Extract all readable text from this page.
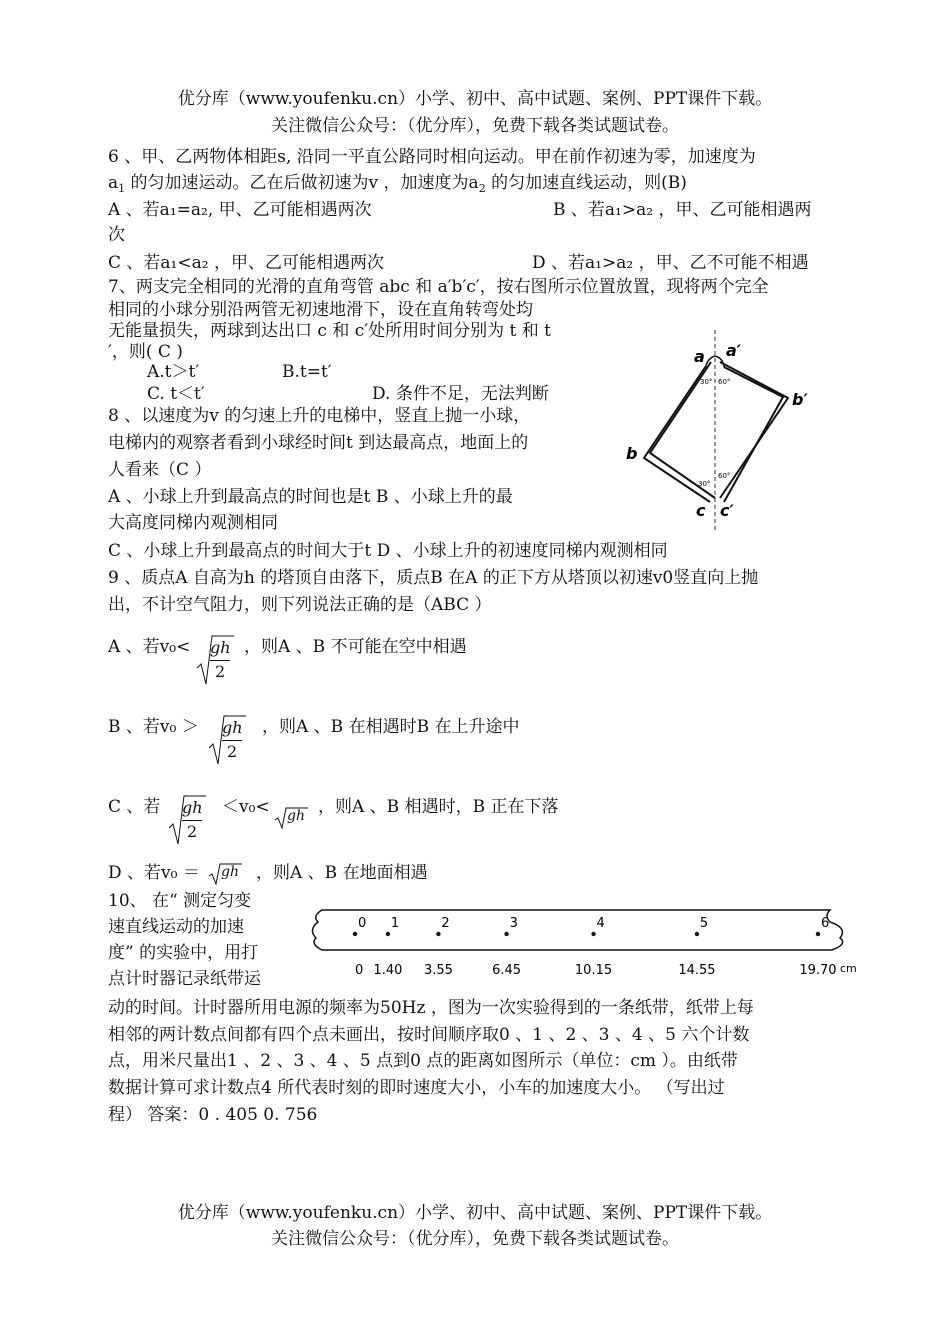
优分库（www.youfenku.cn）小学、初中、高中试题、案例、PPT课件下载。
关注微信公众号：（优分库），免费下载各类试题试卷。
6 、甲、乙两物体相距s, 沿同一平直公路同时相向运动。甲在前作初速为零，加速度为
$a_1$ 的匀加速运动。乙在后做初速为v ，加速度为$a_2$ 的匀加速直线运动，则(B)
A 、若a₁=a₂, 甲、乙可能相遇两次	B 、若a₁>a₂ ，甲、乙可能相遇两
次
C 、若a₁<a₂ ，甲、乙可能相遇两次	D 、若a₁>a₂ ，甲、乙不可能不相遇
7、两支完全相同的光滑的直角弯管 abc 和 a′b′c′，按右图所示位置放置，现将两个完全
相同的小球分别沿两管无初速地滑下，设在直角转弯处均
无能量损失，两球到达出口 c 和 c′处所用时间分别为 t 和 t
′，则( C )
A.t＞t′	B.t=t′
C. t＜t′	D. 条件不足，无法判断
a a′
b′
b
c c′
30° 60°
30°
60°
8 、以速度为v 的匀速上升的电梯中，竖直上抛一小球，
电梯内的观察者看到小球经时间t 到达最高点，地面上的
人看来（C ）
A 、小球上升到最高点的时间也是t B 、小球上升的最
大高度同梯内观测相同
C 、小球上升到最高点的时间大于t D 、小球上升的初速度同梯内观测相同
9 、质点A 自高为h 的塔顶自由落下，质点B 在A 的正下方从塔顶以初速v0竖直向上抛
出，不计空气阻力，则下列说法正确的是（ABC ）
A 、若v₀< gh
2
，则A 、B 不可能在空中相遇
B 、若v₀ ＞ gh
2
，则A 、B 在相遇时B 在上升途中
C 、若 gh
2
＜v₀< gh ，则A 、B 相遇时，B 正在下落
D 、若v₀ ＝ gh ，则A 、B 在地面相遇
10、 在“ 测定匀变
速直线运动的加速
度” 的实验中，用打
点计时器记录纸带运
0
0
1
1.40
2
3.55
3
6.45
4
10.15
5
14.55
6
19.70 cm
动的时间。计时器所用电源的频率为50Hz ，图为一次实验得到的一条纸带，纸带上每
相邻的两计数点间都有四个点未画出，按时间顺序取0 、1 、2 、3 、4 、5 六个计数
点，用米尺量出1 、2 、3 、4 、5 点到0 点的距离如图所示（单位：cm ）。由纸带
数据计算可求计数点4 所代表时刻的即时速度大小，小车的加速度大小。 （写出过
程） 答案：0 . 405 0. 756
优分库（www.youfenku.cn）小学、初中、高中试题、案例、PPT课件下载。
关注微信公众号：（优分库），免费下载各类试题试卷。
